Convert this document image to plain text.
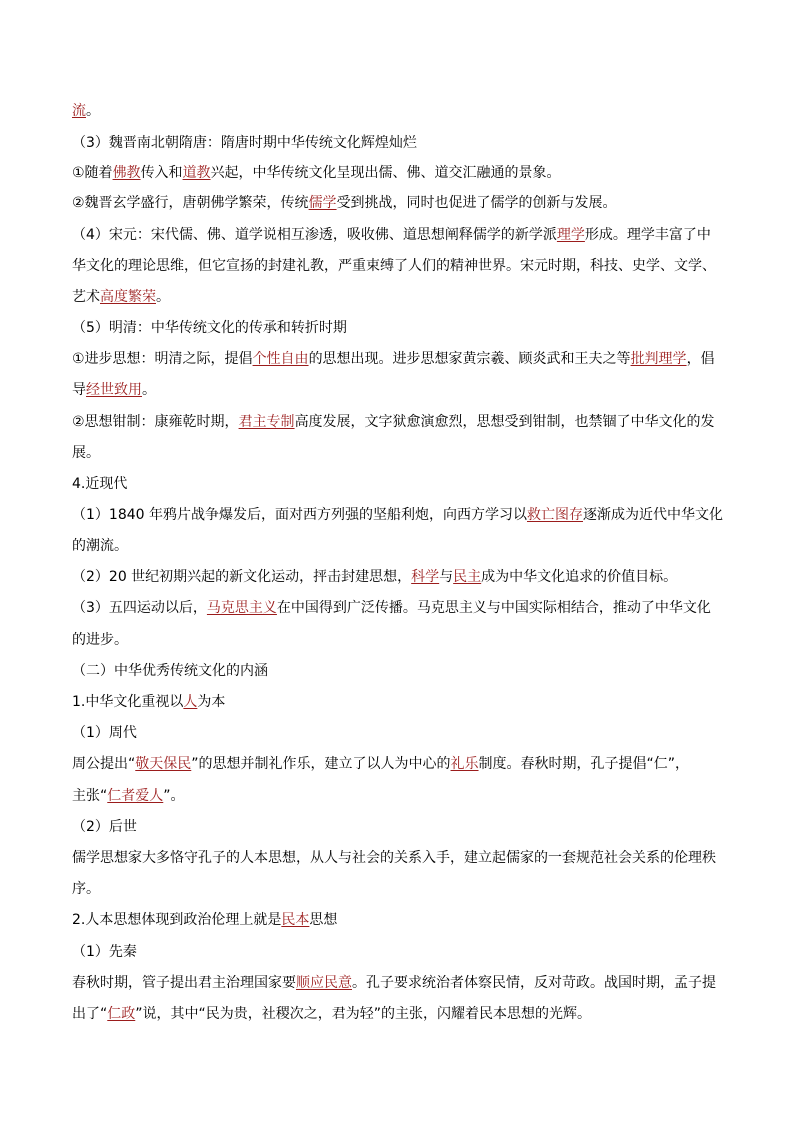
流。
（3）魏晋南北朝隋唐：隋唐时期中华传统文化辉煌灿烂
①随着佛教传入和道教兴起，中华传统文化呈现出儒、佛、道交汇融通的景象。
②魏晋玄学盛行，唐朝佛学繁荣，传统儒学受到挑战，同时也促进了儒学的创新与发展。
（4）宋元：宋代儒、佛、道学说相互渗透，吸收佛、道思想阐释儒学的新学派理学形成。理学丰富了中
华文化的理论思维，但它宣扬的封建礼教，严重束缚了人们的精神世界。宋元时期，科技、史学、文学、
艺术高度繁荣。
（5）明清：中华传统文化的传承和转折时期
①进步思想：明清之际，提倡个性自由的思想出现。进步思想家黄宗羲、顾炎武和王夫之等批判理学，倡
导经世致用。
②思想钳制：康雍乾时期，君主专制高度发展，文字狱愈演愈烈，思想受到钳制，也禁锢了中华文化的发
展。
4.近现代
（1）1840 年鸦片战争爆发后，面对西方列强的坚船利炮，向西方学习以救亡图存逐渐成为近代中华文化
的潮流。
（2）20 世纪初期兴起的新文化运动，抨击封建思想，科学与民主成为中华文化追求的价值目标。
（3）五四运动以后，马克思主义在中国得到广泛传播。马克思主义与中国实际相结合，推动了中华文化
的进步。
（二）中华优秀传统文化的内涵
1.中华文化重视以人为本
（1）周代
周公提出“敬天保民”的思想并制礼作乐，建立了以人为中心的礼乐制度。春秋时期，孔子提倡“仁”，
主张“仁者爱人”。
（2）后世
儒学思想家大多恪守孔子的人本思想，从人与社会的关系入手，建立起儒家的一套规范社会关系的伦理秩
序。
2.人本思想体现到政治伦理上就是民本思想
（1）先秦
春秋时期，管子提出君主治理国家要顺应民意。孔子要求统治者体察民情，反对苛政。战国时期，孟子提
出了“仁政”说，其中“民为贵，社稷次之，君为轻”的主张，闪耀着民本思想的光辉。
